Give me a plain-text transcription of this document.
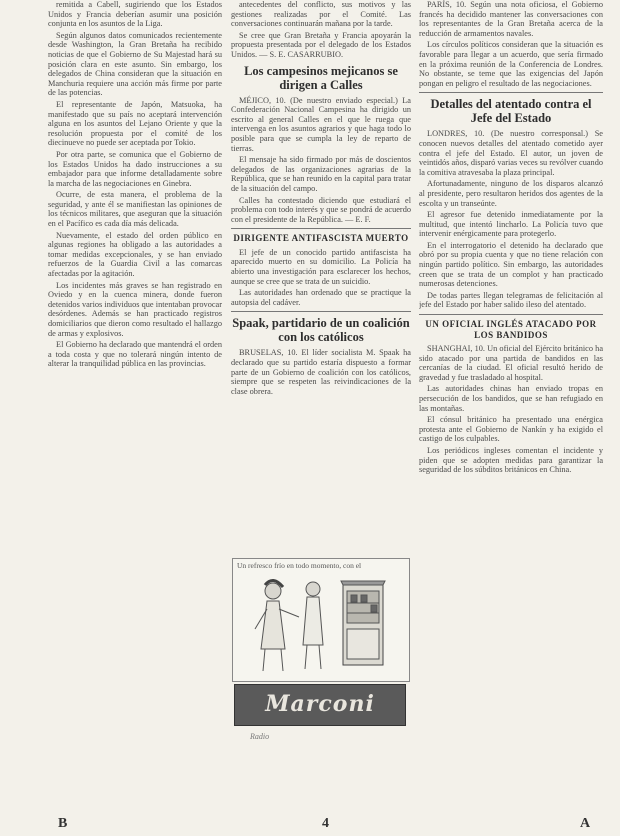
remitida a Cabell, sugiriendo que los Estados Unidos y Francia deberían asumir una posición conjunta en los asuntos de la Liga.

Según algunos datos comunicados recientemente desde Washington, la Gran Bretaña ha recibido noticias de que el Gobierno de Su Majestad hará su posición clara en este asunto. Sin embargo, los delegados de China consideran que la situación en Manchuria requiere una acción más firme por parte de las potencias.

El representante de Japón, Matsuoka, ha manifestado que su país no aceptará intervención alguna en los asuntos del Lejano Oriente y que la resolución propuesta por el comité de los diecinueve no puede ser aceptada por Tokio.

Por otra parte, se comunica que el Gobierno de los Estados Unidos ha dado instrucciones a su embajador para que informe detalladamente sobre la marcha de las negociaciones en Ginebra.

Ocurre, de esta manera, el problema de la seguridad, y ante él se manifiestan las opiniones de los técnicos militares, que aseguran que la situación en el Pacífico es cada día más delicada.

Nuevamente, el estado del orden público en algunas regiones ha obligado a las autoridades a tomar medidas excepcionales, y se han enviado refuerzos de la Guardia Civil a las comarcas afectadas por la agitación.

Los incidentes más graves se han registrado en Oviedo y en la cuenca minera, donde fueron detenidos varios individuos que intentaban provocar desórdenes. Además se han practicado registros domiciliarios que dieron como resultado el hallazgo de armas y explosivos.

El Gobierno ha declarado que mantendrá el orden a toda costa y que no tolerará ningún intento de alterar la tranquilidad pública en las provincias.

antecedentes del conflicto, sus motivos y las gestiones realizadas por el Comité. Las conversaciones continuarán mañana por la tarde.

Se cree que Gran Bretaña y Francia apoyarán la propuesta presentada por el delegado de los Estados Unidos. — S. E. CASARRUBIO.

Los campesinos mejicanos se dirigen a Calles

MÉJICO, 10. (De nuestro enviado especial.) La Confederación Nacional Campesina ha dirigido un escrito al general Calles en el que le ruega que intervenga en los asuntos agrarios y que haga todo lo posible para que se cumpla la ley de reparto de tierras.

El mensaje ha sido firmado por más de doscientos delegados de las organizaciones agrarias de la República, que se han reunido en la capital para tratar de la situación del campo.

Calles ha contestado diciendo que estudiará el problema con todo interés y que se pondrá de acuerdo con el presidente de la República. — E. F.

DIRIGENTE ANTIFASCISTA MUERTO

El jefe de un conocido partido antifascista ha aparecido muerto en su domicilio. La Policía ha abierto una investigación para esclarecer los hechos, aunque se cree que se trata de un suicidio.

Las autoridades han ordenado que se practique la autopsia del cadáver.

Spaak, partidario de un coalición con los católicos

BRUSELAS, 10. El líder socialista M. Spaak ha declarado que su partido estaría dispuesto a formar parte de un Gobierno de coalición con los católicos, siempre que se respeten las reivindicaciones de la clase obrera.

Un refresco frío en todo momento, con el
Marconi
Radio

PARÍS, 10. Según una nota oficiosa, el Gobierno francés ha decidido mantener las conversaciones con los representantes de la Gran Bretaña acerca de la reducción de armamentos navales.

Los círculos políticos consideran que la situación es favorable para llegar a un acuerdo, que sería firmado en la próxima reunión de la Conferencia de Londres. No obstante, se teme que las exigencias del Japón pongan en peligro el resultado de las negociaciones.

Detalles del atentado contra el Jefe del Estado

LONDRES, 10. (De nuestro corresponsal.) Se conocen nuevos detalles del atentado cometido ayer contra el jefe del Estado. El autor, un joven de veintidós años, disparó varias veces su revólver cuando la comitiva atravesaba la plaza principal.

Afortunadamente, ninguno de los disparos alcanzó al presidente, pero resultaron heridos dos agentes de la escolta y un transeúnte.

El agresor fue detenido inmediatamente por la multitud, que intentó lincharlo. La Policía tuvo que intervenir enérgicamente para protegerlo.

En el interrogatorio el detenido ha declarado que obró por su propia cuenta y que no tiene relación con ningún partido político. Sin embargo, las autoridades creen que se trata de un complot y han practicado numerosas detenciones.

De todas partes llegan telegramas de felicitación al jefe del Estado por haber salido ileso del atentado.

UN OFICIAL INGLÉS ATACADO POR LOS BANDIDOS

SHANGHAI, 10. Un oficial del Ejército británico ha sido atacado por una partida de bandidos en las cercanías de la ciudad. El oficial resultó herido de gravedad y fue trasladado al hospital.

Las autoridades chinas han enviado tropas en persecución de los bandidos, que se han refugiado en las montañas.

El cónsul británico ha presentado una enérgica protesta ante el Gobierno de Nankín y ha exigido el castigo de los culpables.

Los periódicos ingleses comentan el incidente y piden que se adopten medidas para garantizar la seguridad de los súbditos británicos en China.

B	4	A
